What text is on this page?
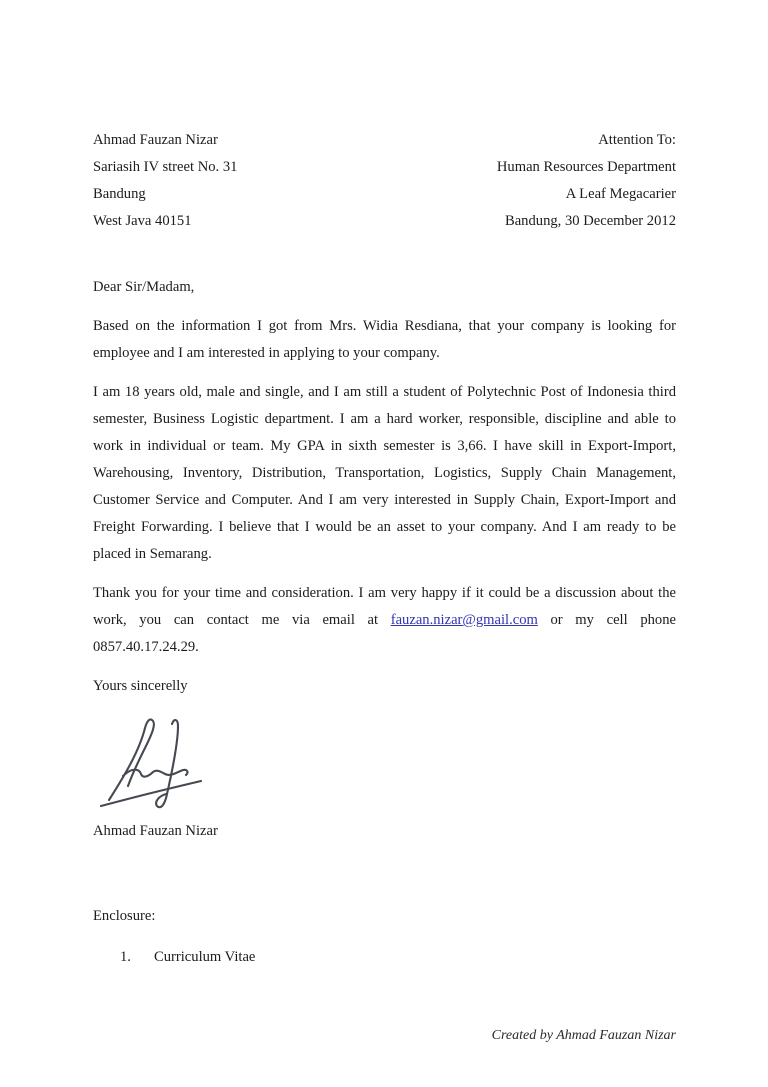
Ahmad Fauzan Nizar
Sariasih IV street No. 31
Bandung
West Java 40151
Attention To:
Human Resources Department
A Leaf Megacarier
Bandung, 30 December 2012

Dear Sir/Madam,

Based on the information I got from Mrs. Widia Resdiana, that your company is looking for employee and I am interested in applying to your company.

I am 18 years old, male and single, and I am still a student of Polytechnic Post of Indonesia third semester, Business Logistic department. I am a hard worker, responsible, discipline and able to work in individual or team. My GPA in sixth semester is 3,66. I have skill in Export-Import, Warehousing, Inventory, Distribution, Transportation, Logistics, Supply Chain Management, Customer Service and Computer. And I am very interested in Supply Chain, Export-Import and Freight Forwarding. I believe that I would be an asset to your company. And I am ready to be placed in Semarang.

Thank you for your time and consideration. I am very happy if it could be a discussion about the work, you can contact me via email at fauzan.nizar@gmail.com or my cell phone 0857.40.17.24.29.

Yours sincerelly

Ahmad Fauzan Nizar

Enclosure:

1.	Curriculum Vitae
Created by Ahmad Fauzan Nizar
